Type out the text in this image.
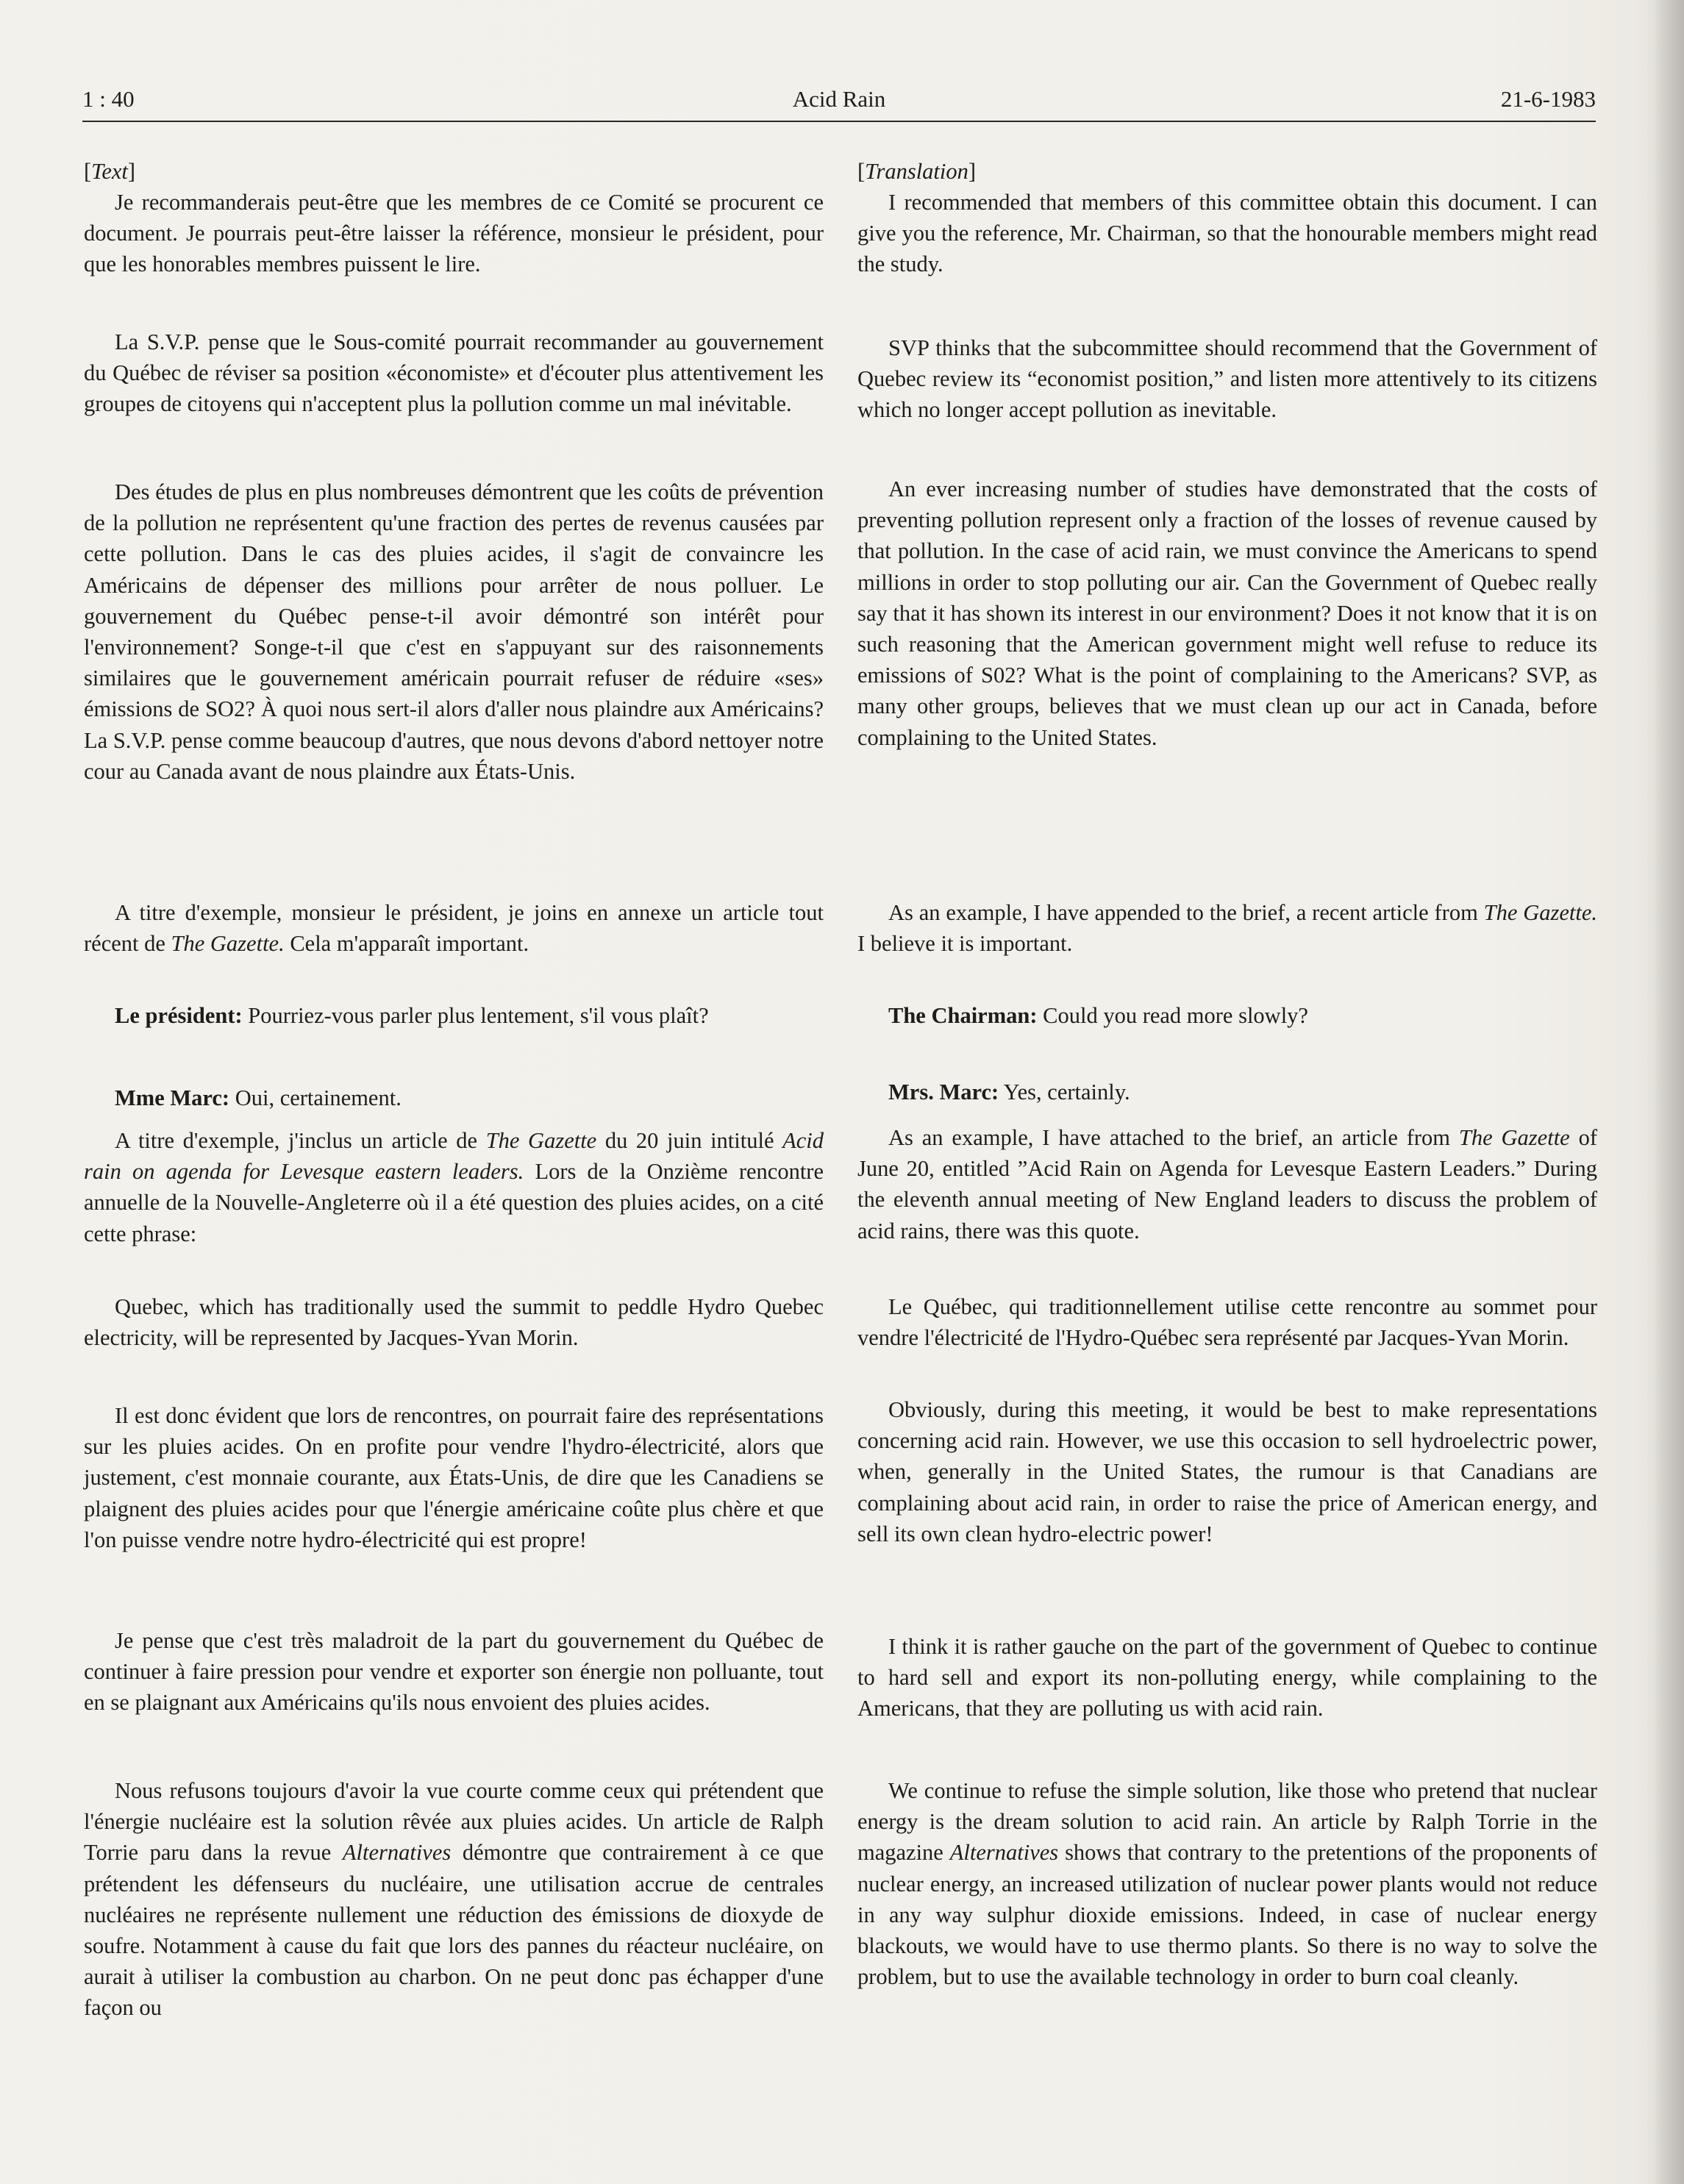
Acid Rain
1 : 40	21-6-1983

[Text]

Je recommanderais peut-être que les membres de ce Comité se procurent ce document. Je pourrais peut-être laisser la référence, monsieur le président, pour que les honorables membres puissent le lire.

La S.V.P. pense que le Sous-comité pourrait recommander au gouvernement du Québec de réviser sa position «économiste» et d'écouter plus attentivement les groupes de citoyens qui n'acceptent plus la pollution comme un mal inévitable.

Des études de plus en plus nombreuses démontrent que les coûts de prévention de la pollution ne représentent qu'une fraction des pertes de revenus causées par cette pollution. Dans le cas des pluies acides, il s'agit de convaincre les Américains de dépenser des millions pour arrêter de nous polluer. Le gouvernement du Québec pense-t-il avoir démontré son intérêt pour l'environnement? Songe-t-il que c'est en s'appuyant sur des raisonnements similaires que le gouvernement américain pourrait refuser de réduire «ses» émissions de SO2? À quoi nous sert-il alors d'aller nous plaindre aux Américains? La S.V.P. pense comme beaucoup d'autres, que nous devons d'abord nettoyer notre cour au Canada avant de nous plaindre aux États-Unis.

A titre d'exemple, monsieur le président, je joins en annexe un article tout récent de The Gazette. Cela m'apparaît important.

Le président: Pourriez-vous parler plus lentement, s'il vous plaît?

Mme Marc: Oui, certainement.

A titre d'exemple, j'inclus un article de The Gazette du 20 juin intitulé Acid rain on agenda for Levesque eastern leaders. Lors de la Onzième rencontre annuelle de la Nouvelle-Angleterre où il a été question des pluies acides, on a cité cette phrase:

Quebec, which has traditionally used the summit to peddle Hydro Quebec electricity, will be represented by Jacques-Yvan Morin.

Il est donc évident que lors de rencontres, on pourrait faire des représentations sur les pluies acides. On en profite pour vendre l'hydro-électricité, alors que justement, c'est monnaie courante, aux États-Unis, de dire que les Canadiens se plaignent des pluies acides pour que l'énergie américaine coûte plus chère et que l'on puisse vendre notre hydro-électricité qui est propre!

Je pense que c'est très maladroit de la part du gouvernement du Québec de continuer à faire pression pour vendre et exporter son énergie non polluante, tout en se plaignant aux Américains qu'ils nous envoient des pluies acides.

Nous refusons toujours d'avoir la vue courte comme ceux qui prétendent que l'énergie nucléaire est la solution rêvée aux pluies acides. Un article de Ralph Torrie paru dans la revue Alternatives démontre que contrairement à ce que prétendent les défenseurs du nucléaire, une utilisation accrue de centrales nucléaires ne représente nullement une réduction des émissions de dioxyde de soufre. Notamment à cause du fait que lors des pannes du réacteur nucléaire, on aurait à utiliser la combustion au charbon. On ne peut donc pas échapper d'une façon ou

[Translation]

I recommended that members of this committee obtain this document. I can give you the reference, Mr. Chairman, so that the honourable members might read the study.

SVP thinks that the subcommittee should recommend that the Government of Quebec review its “economist position,” and listen more attentively to its citizens which no longer accept pollution as inevitable.

An ever increasing number of studies have demonstrated that the costs of preventing pollution represent only a fraction of the losses of revenue caused by that pollution. In the case of acid rain, we must convince the Americans to spend millions in order to stop polluting our air. Can the Government of Quebec really say that it has shown its interest in our environment? Does it not know that it is on such reasoning that the American government might well refuse to reduce its emissions of S02? What is the point of complaining to the Americans? SVP, as many other groups, believes that we must clean up our act in Canada, before complaining to the United States.

As an example, I have appended to the brief, a recent article from The Gazette. I believe it is important.

The Chairman: Could you read more slowly?

Mrs. Marc: Yes, certainly.

As an example, I have attached to the brief, an article from The Gazette of June 20, entitled ”Acid Rain on Agenda for Levesque Eastern Leaders.” During the eleventh annual meeting of New England leaders to discuss the problem of acid rains, there was this quote.

Le Québec, qui traditionnellement utilise cette rencontre au sommet pour vendre l'électricité de l'Hydro-Québec sera représenté par Jacques-Yvan Morin.

Obviously, during this meeting, it would be best to make representations concerning acid rain. However, we use this occasion to sell hydroelectric power, when, generally in the United States, the rumour is that Canadians are complaining about acid rain, in order to raise the price of American energy, and sell its own clean hydro-electric power!

I think it is rather gauche on the part of the government of Quebec to continue to hard sell and export its non-polluting energy, while complaining to the Americans, that they are polluting us with acid rain.

We continue to refuse the simple solution, like those who pretend that nuclear energy is the dream solution to acid rain. An article by Ralph Torrie in the magazine Alternatives shows that contrary to the pretentions of the proponents of nuclear energy, an increased utilization of nuclear power plants would not reduce in any way sulphur dioxide emissions. Indeed, in case of nuclear energy blackouts, we would have to use thermo plants. So there is no way to solve the problem, but to use the available technology in order to burn coal cleanly.
